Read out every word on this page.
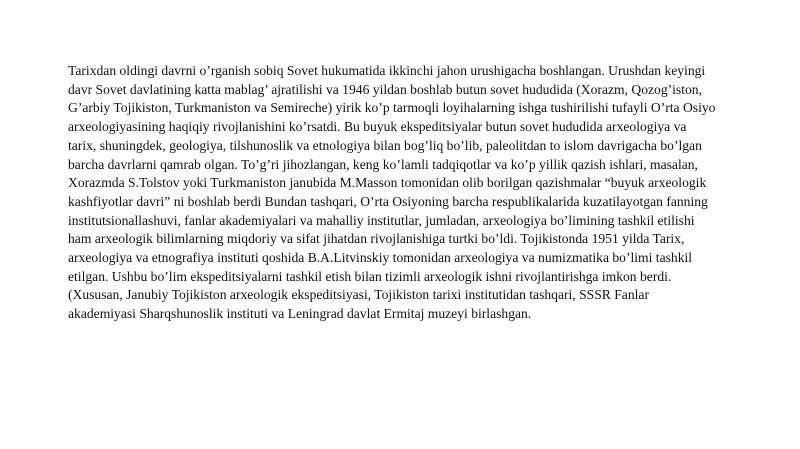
Tarixdan oldingi davrni o’rganish sobiq Sovet hukumatida ikkinchi jahon urushigacha boshlangan. Urushdan keyingi
davr Sovet davlatining katta mablag’ ajratilishi va 1946 yildan boshlab butun sovet hududida (Xorazm, Qozog’iston,
G’arbiy Tojikiston, Turkmaniston va Semireche) yirik ko’p tarmoqli loyihalarning ishga tushirilishi tufayli O’rta Osiyo
arxeologiyasining haqiqiy rivojlanishini ko’rsatdi. Bu buyuk ekspeditsiyalar butun sovet hududida arxeologiya va
tarix, shuningdek, geologiya, tilshunoslik va etnologiya bilan bog’liq bo’lib, paleolitdan to islom davrigacha bo’lgan
barcha davrlarni qamrab olgan. To’g’ri jihozlangan, keng ko’lamli tadqiqotlar va ko’p yillik qazish ishlari, masalan,
Xorazmda S.Tolstov yoki Turkmaniston janubida M.Masson tomonidan olib borilgan qazishmalar “buyuk arxeologik
kashfiyotlar davri” ni boshlab berdi Bundan tashqari, O’rta Osiyoning barcha respublikalarida kuzatilayotgan fanning
institutsionallashuvi, fanlar akademiyalari va mahalliy institutlar, jumladan, arxeologiya bo’limining tashkil etilishi
ham arxeologik bilimlarning miqdoriy va sifat jihatdan rivojlanishiga turtki bo’ldi. Tojikistonda 1951 yilda Tarix,
arxeologiya va etnografiya instituti qoshida B.A.Litvinskiy tomonidan arxeologiya va numizmatika bo’limi tashkil
etilgan. Ushbu bo’lim ekspeditsiyalarni tashkil etish bilan tizimli arxeologik ishni rivojlantirishga imkon berdi.
(Xususan, Janubiy Tojikiston arxeologik ekspeditsiyasi, Tojikiston tarixi institutidan tashqari, SSSR Fanlar
akademiyasi Sharqshunoslik instituti va Leningrad davlat Ermitaj muzeyi birlashgan.
